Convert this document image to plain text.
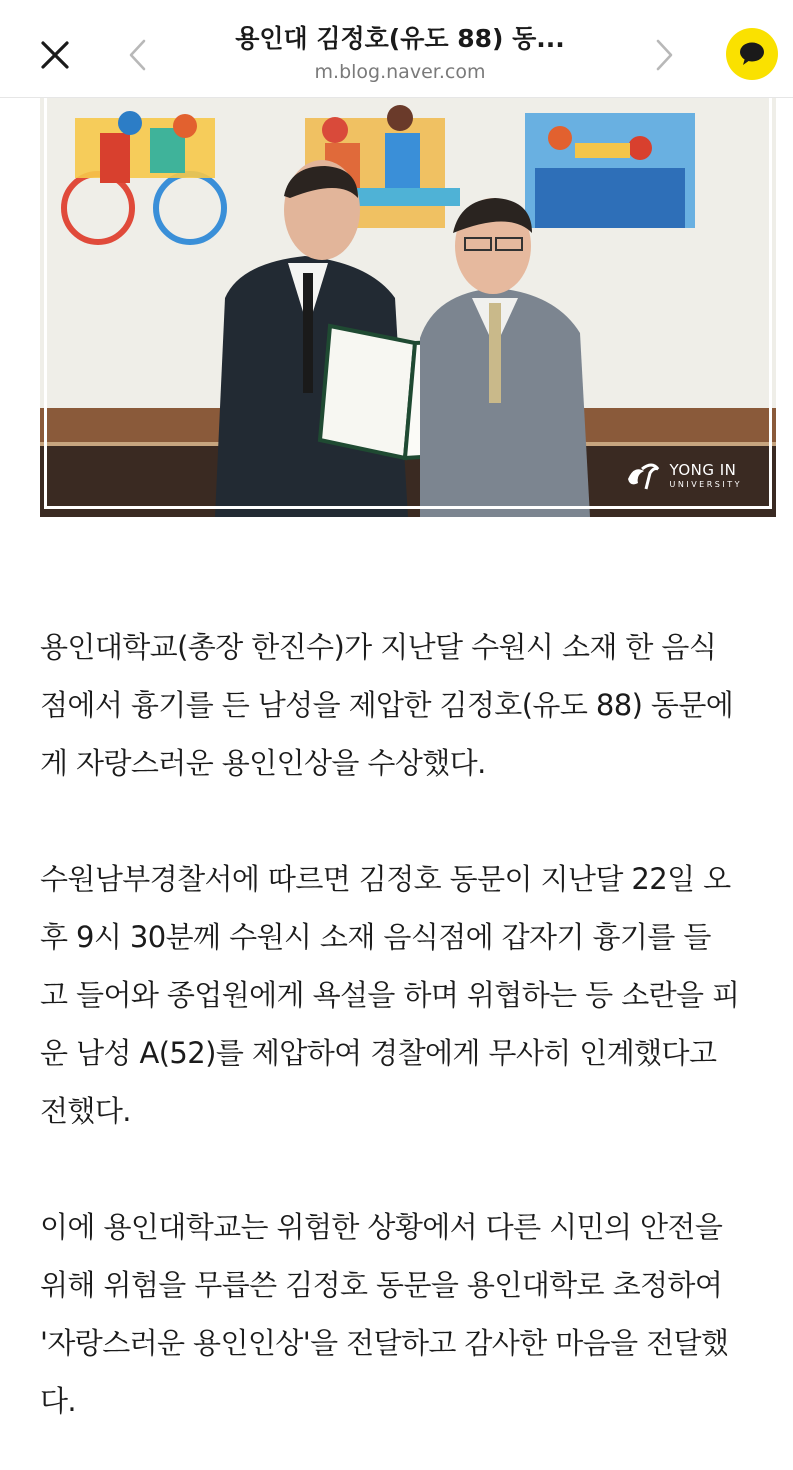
용인대 김정호(유도 88) 동...
m.blog.naver.com
YONG IN
UNIVERSITY

용인대학교(총장 한진수)가 지난달 수원시 소재 한 음식
점에서 흉기를 든 남성을 제압한 김정호(유도 88) 동문에
게 자랑스러운 용인인상을 수상했다.

수원남부경찰서에 따르면 김정호 동문이 지난달 22일 오
후 9시 30분께 수원시 소재 음식점에 갑자기 흉기를 들
고 들어와 종업원에게 욕설을 하며 위협하는 등 소란을 피
운 남성 A(52)를 제압하여 경찰에게 무사히 인계했다고
전했다.

이에 용인대학교는 위험한 상황에서 다른 시민의 안전을
위해 위험을 무릅쓴 김정호 동문을 용인대학로 초정하여
'자랑스러운 용인인상'을 전달하고 감사한 마음을 전달했
다.
